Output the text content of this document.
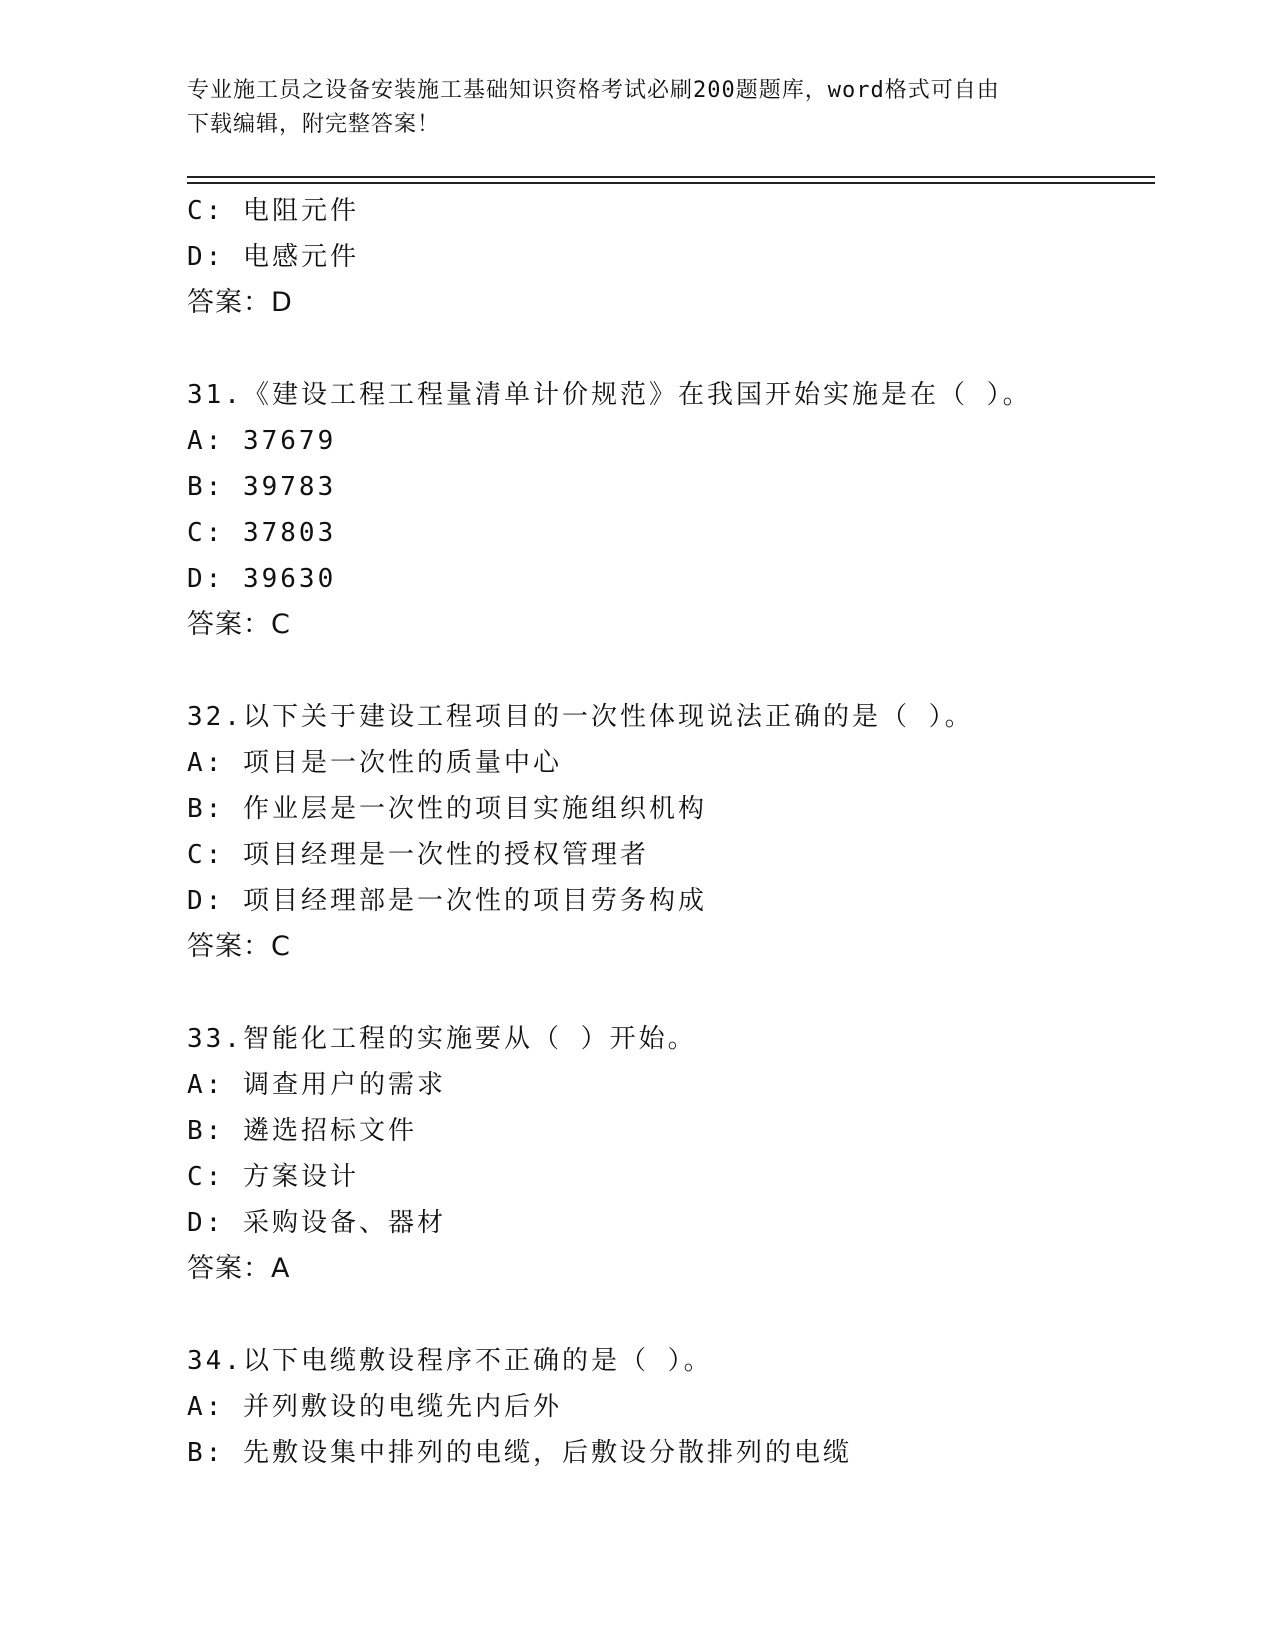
专业施工员之设备安装施工基础知识资格考试必刷200题题库，word格式可自由
下载编辑，附完整答案！
C: 电阻元件
D: 电感元件
答案：D
31.《建设工程工程量清单计价规范》在我国开始实施是在（ ）。
A: 37679
B: 39783
C: 37803
D: 39630
答案：C
32.以下关于建设工程项目的一次性体现说法正确的是（ ）。
A: 项目是一次性的质量中心
B: 作业层是一次性的项目实施组织机构
C: 项目经理是一次性的授权管理者
D: 项目经理部是一次性的项目劳务构成
答案：C
33.智能化工程的实施要从（ ）开始。
A: 调查用户的需求
B: 遴选招标文件
C: 方案设计
D: 采购设备、器材
答案：A
34.以下电缆敷设程序不正确的是（ ）。
A: 并列敷设的电缆先内后外
B: 先敷设集中排列的电缆，后敷设分散排列的电缆
